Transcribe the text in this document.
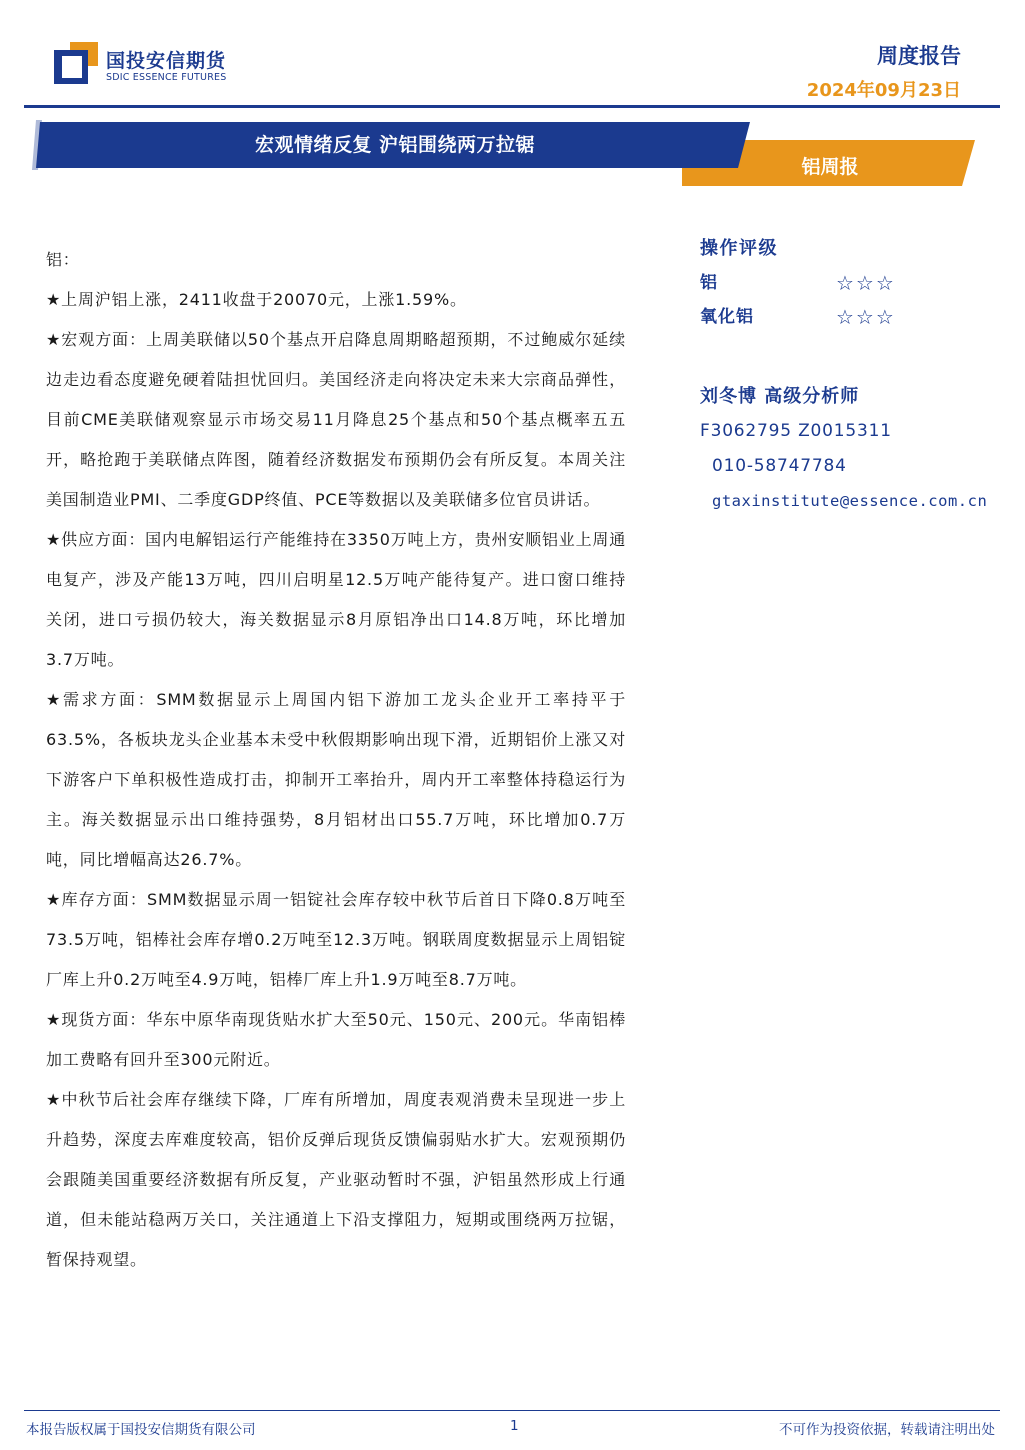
国投安信期货
SDIC ESSENCE FUTURES
周度报告
2024年09月23日
宏观情绪反复 沪铝围绕两万拉锯
铝周报

铝：

★上周沪铝上涨，2411收盘于20070元，上涨1.59%。

★宏观方面：上周美联储以50个基点开启降息周期略超预期，不过鲍威尔延续边走边看态度避免硬着陆担忧回归。美国经济走向将决定未来大宗商品弹性，目前CME美联储观察显示市场交易11月降息25个基点和50个基点概率五五开，略抢跑于美联储点阵图，随着经济数据发布预期仍会有所反复。本周关注美国制造业PMI、二季度GDP终值、PCE等数据以及美联储多位官员讲话。

★供应方面：国内电解铝运行产能维持在3350万吨上方，贵州安顺铝业上周通电复产，涉及产能13万吨，四川启明星12.5万吨产能待复产。进口窗口维持关闭，进口亏损仍较大，海关数据显示8月原铝净出口14.8万吨，环比增加3.7万吨。

★需求方面：SMM数据显示上周国内铝下游加工龙头企业开工率持平于63.5%，各板块龙头企业基本未受中秋假期影响出现下滑，近期铝价上涨又对下游客户下单积极性造成打击，抑制开工率抬升，周内开工率整体持稳运行为主。海关数据显示出口维持强势，8月铝材出口55.7万吨，环比增加0.7万吨，同比增幅高达26.7%。

★库存方面：SMM数据显示周一铝锭社会库存较中秋节后首日下降0.8万吨至73.5万吨，铝棒社会库存增0.2万吨至12.3万吨。钢联周度数据显示上周铝锭厂库上升0.2万吨至4.9万吨，铝棒厂库上升1.9万吨至8.7万吨。

★现货方面：华东中原华南现货贴水扩大至50元、150元、200元。华南铝棒加工费略有回升至300元附近。

★中秋节后社会库存继续下降，厂库有所增加，周度表观消费未呈现进一步上升趋势，深度去库难度较高，铝价反弹后现货反馈偏弱贴水扩大。宏观预期仍会跟随美国重要经济数据有所反复，产业驱动暂时不强，沪铝虽然形成上行通道，但未能站稳两万关口，关注通道上下沿支撑阻力，短期或围绕两万拉锯，暂保持观望。

操作评级
铝	☆☆☆
氧化铝	☆☆☆
刘冬博 高级分析师
F3062795 Z0015311
010-58747784
gtaxinstitute@essence.com.cn
本报告版权属于国投安信期货有限公司	1	不可作为投资依据，转载请注明出处
